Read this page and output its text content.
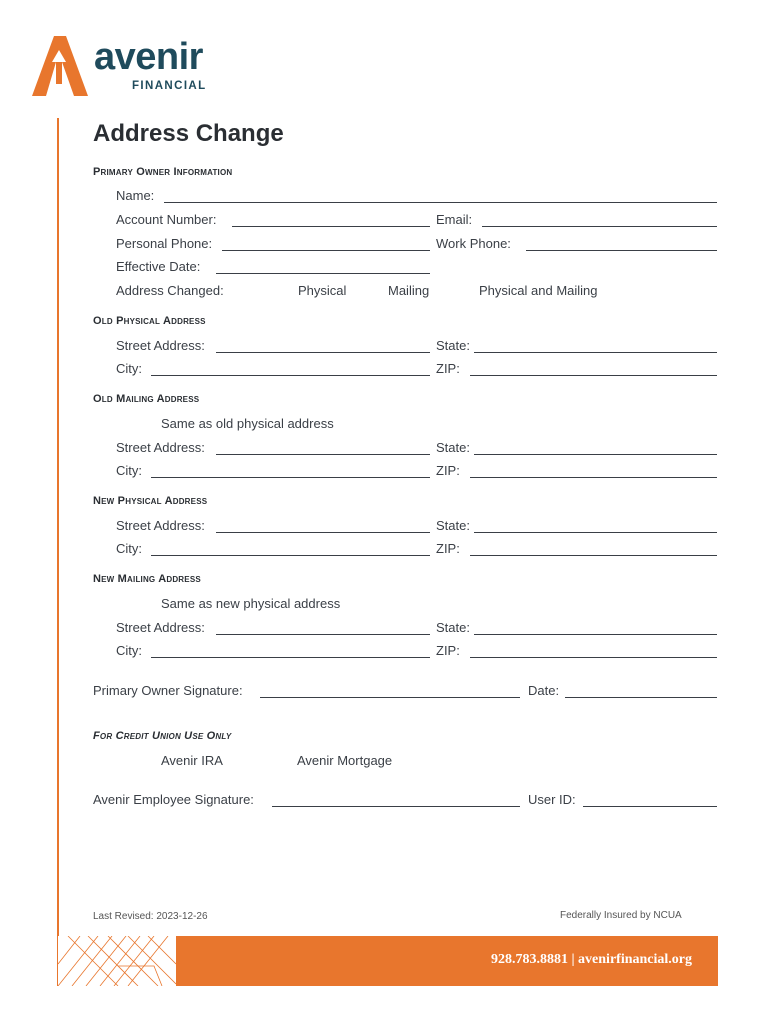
avenir
FINANCIAL
Address Change
Primary Owner Information
Name:
Account Number:	Email:
Personal Phone:	Work Phone:
Effective Date:
Address Changed:	Physical	Mailing	Physical and Mailing
Old Physical Address
Street Address:	State:
City:	ZIP:
Old Mailing Address
Same as old physical address
Street Address:	State:
City:	ZIP:
New Physical Address
Street Address:	State:
City:	ZIP:
New Mailing Address
Same as new physical address
Street Address:	State:
City:	ZIP:
Primary Owner Signature:	Date:
For Credit Union Use Only
Avenir IRA	Avenir Mortgage
Avenir Employee Signature:	User ID:
Last Revised: 2023-12-26	Federally Insured by NCUA
928.783.8881 | avenirfinancial.org
